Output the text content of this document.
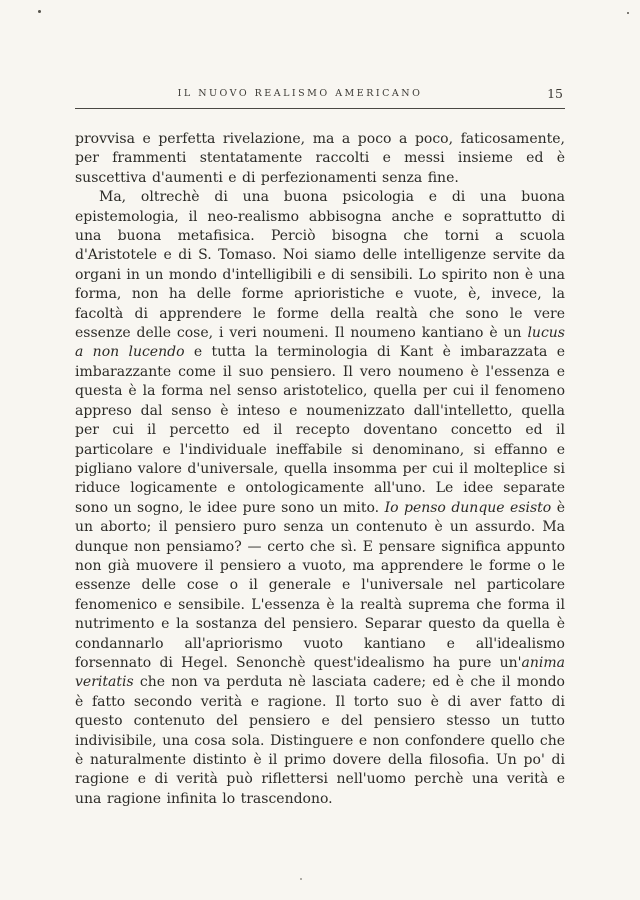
IL NUOVO REALISMO AMERICANO	15

provvisa e perfetta rivelazione, ma a poco a poco, faticosamente, per frammenti stentatamente raccolti e messi insieme ed è suscettiva d'aumenti e di perfezionamenti senza fine.

Ma, oltrechè di una buona psicologia e di una buona epistemologia, il neo-realismo abbisogna anche e soprattutto di una buona metafisica. Perciò bisogna che torni a scuola d'Aristotele e di S. Tomaso. Noi siamo delle intelligenze servite da organi in un mondo d'intelligibili e di sensibili. Lo spirito non è una forma, non ha delle forme aprioristiche e vuote, è, invece, la facoltà di apprendere le forme della realtà che sono le vere essenze delle cose, i veri noumeni. Il noumeno kantiano è un lucus a non lucendo e tutta la terminologia di Kant è imbarazzata e imbarazzante come il suo pensiero. Il vero noumeno è l'essenza e questa è la forma nel senso aristotelico, quella per cui il fenomeno appreso dal senso è inteso e noumenizzato dall'intelletto, quella per cui il percetto ed il recepto doventano concetto ed il particolare e l'individuale ineffabile si denominano, si effanno e pigliano valore d'universale, quella insomma per cui il molteplice si riduce logicamente e ontologicamente all'uno. Le idee separate sono un sogno, le idee pure sono un mito. Io penso dunque esisto è un aborto; il pensiero puro senza un contenuto è un assurdo. Ma dunque non pensiamo? — certo che sì. E pensare significa appunto non già muovere il pensiero a vuoto, ma apprendere le forme o le essenze delle cose o il generale e l'universale nel particolare fenomenico e sensibile. L'essenza è la realtà suprema che forma il nutrimento e la sostanza del pensiero. Separar questo da quella è condannarlo all'apriorismo vuoto kantiano e all'idealismo forsennato di Hegel. Senonchè quest'idealismo ha pure un'anima veritatis che non va perduta nè lasciata cadere; ed è che il mondo è fatto secondo verità e ragione. Il torto suo è di aver fatto di questo contenuto del pensiero e del pensiero stesso un tutto indivisibile, una cosa sola. Distinguere e non confondere quello che è naturalmente distinto è il primo dovere della filosofia. Un po' di ragione e di verità può riflettersi nell'uomo perchè una verità e una ragione infinita lo trascendono.
